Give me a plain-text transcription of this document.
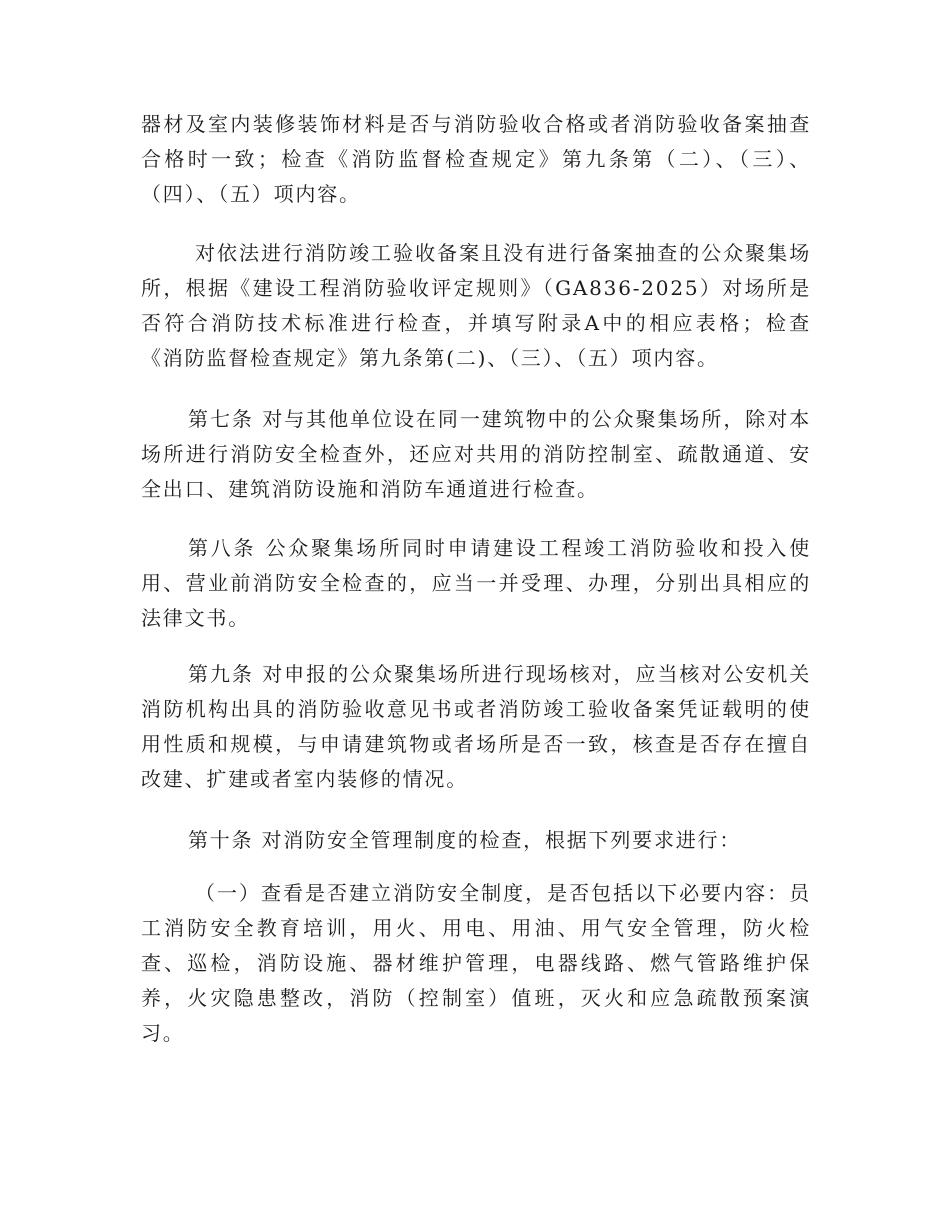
器材及室内装修装饰材料是否与消防验收合格或者消防验收备案抽查合格时一致；检查《消防监督检查规定》第九条第（二）、（三）、（四）、（五）项内容。

对依法进行消防竣工验收备案且没有进行备案抽查的公众聚集场所，根据《建设工程消防验收评定规则》（GA836-2025）对场所是否符合消防技术标准进行检查，并填写附录A中的相应表格；检查《消防监督检查规定》第九条第(二)、（三）、（五）项内容。

第七条 对与其他单位设在同一建筑物中的公众聚集场所，除对本场所进行消防安全检查外，还应对共用的消防控制室、疏散通道、安全出口、建筑消防设施和消防车通道进行检查。

第八条 公众聚集场所同时申请建设工程竣工消防验收和投入使用、营业前消防安全检查的，应当一并受理、办理，分别出具相应的法律文书。

第九条 对申报的公众聚集场所进行现场核对，应当核对公安机关消防机构出具的消防验收意见书或者消防竣工验收备案凭证载明的使用性质和规模，与申请建筑物或者场所是否一致，核查是否存在擅自改建、扩建或者室内装修的情况。

第十条 对消防安全管理制度的检查，根据下列要求进行：

（一）查看是否建立消防安全制度，是否包括以下必要内容：员工消防安全教育培训，用火、用电、用油、用气安全管理，防火检查、巡检，消防设施、器材维护管理，电器线路、燃气管路维护保养，火灾隐患整改，消防（控制室）值班，灭火和应急疏散预案演习。
